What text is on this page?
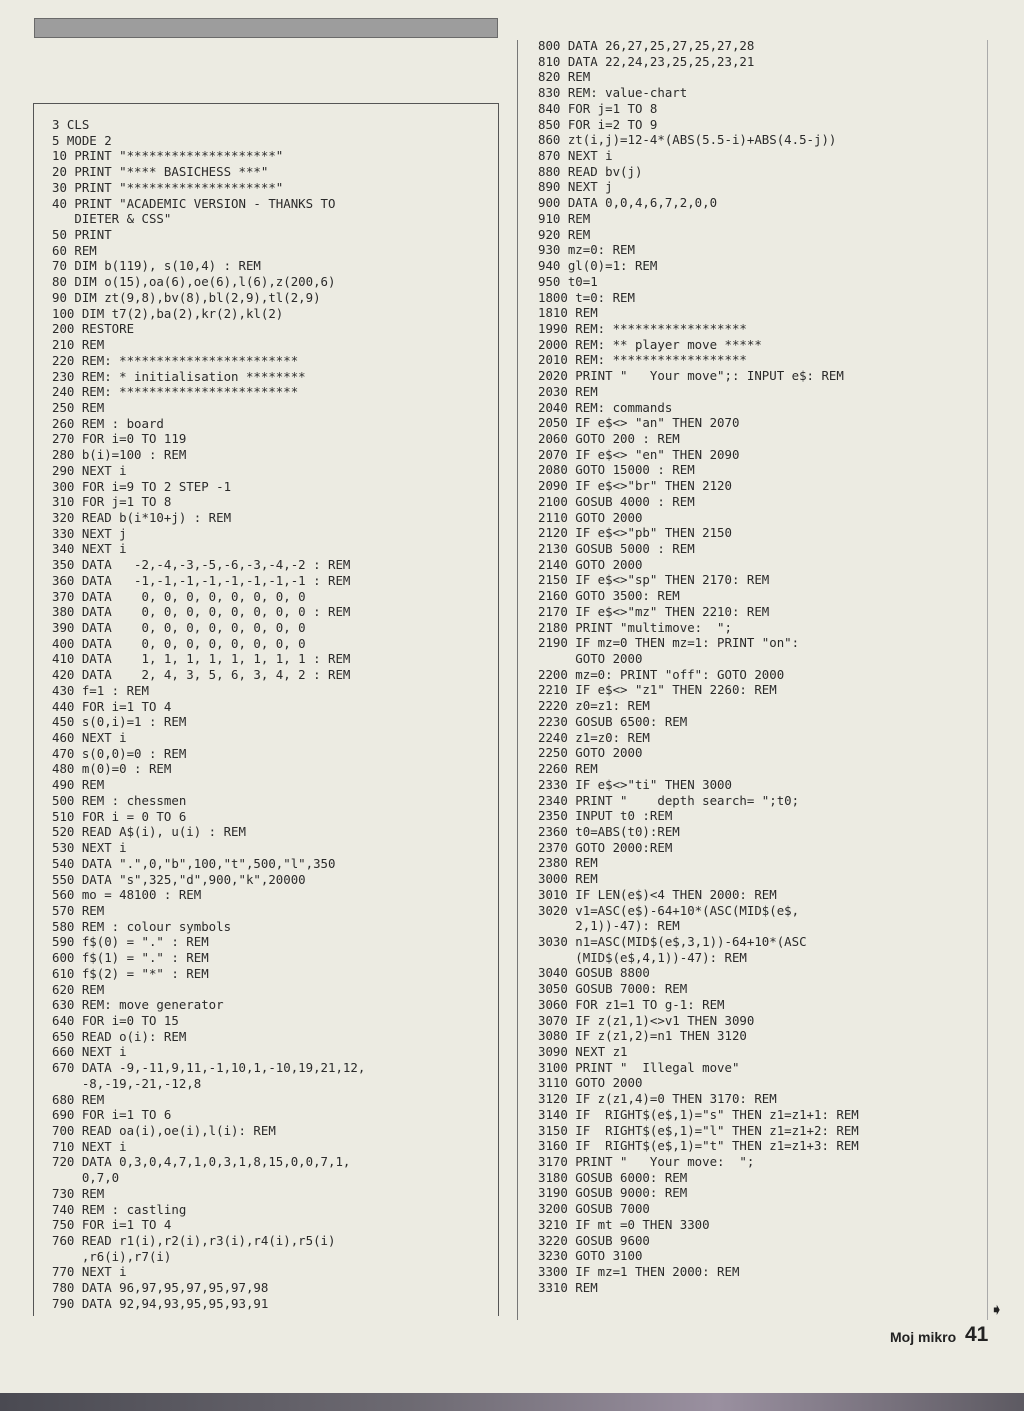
3 CLS
5 MODE 2
10 PRINT "********************"
20 PRINT "**** BASICHESS ***"
30 PRINT "********************"
40 PRINT "ACADEMIC VERSION - THANKS TO
DIETER & CSS"
50 PRINT
60 REM
70 DIM b(119), s(10,4) : REM
80 DIM o(15),oa(6),oe(6),l(6),z(200,6)
90 DIM zt(9,8),bv(8),bl(2,9),tl(2,9)
100 DIM t7(2),ba(2),kr(2),kl(2)
200 RESTORE
210 REM
220 REM: ************************
230 REM: * initialisation ********
240 REM: ************************
250 REM
260 REM : board
270 FOR i=0 TO 119
280 b(i)=100 : REM
290 NEXT i
300 FOR i=9 TO 2 STEP -1
310 FOR j=1 TO 8
320 READ b(i*10+j) : REM
330 NEXT j
340 NEXT i
350 DATA   -2,-4,-3,-5,-6,-3,-4,-2 : REM
360 DATA   -1,-1,-1,-1,-1,-1,-1,-1 : REM
370 DATA    0, 0, 0, 0, 0, 0, 0, 0
380 DATA    0, 0, 0, 0, 0, 0, 0, 0 : REM
390 DATA    0, 0, 0, 0, 0, 0, 0, 0
400 DATA    0, 0, 0, 0, 0, 0, 0, 0
410 DATA    1, 1, 1, 1, 1, 1, 1, 1 : REM
420 DATA    2, 4, 3, 5, 6, 3, 4, 2 : REM
430 f=1 : REM
440 FOR i=1 TO 4
450 s(0,i)=1 : REM
460 NEXT i
470 s(0,0)=0 : REM
480 m(0)=0 : REM
490 REM
500 REM : chessmen
510 FOR i = 0 TO 6
520 READ A$(i), u(i) : REM
530 NEXT i
540 DATA ".",0,"b",100,"t",500,"l",350
550 DATA "s",325,"d",900,"k",20000
560 mo = 48100 : REM
570 REM
580 REM : colour symbols
590 f$(0) = "." : REM
600 f$(1) = "." : REM
610 f$(2) = "*" : REM
620 REM
630 REM: move generator
640 FOR i=0 TO 15
650 READ o(i): REM
660 NEXT i
670 DATA -9,-11,9,11,-1,10,1,-10,19,21,12,
-8,-19,-21,-12,8
680 REM
690 FOR i=1 TO 6
700 READ oa(i),oe(i),l(i): REM
710 NEXT i
720 DATA 0,3,0,4,7,1,0,3,1,8,15,0,0,7,1,
0,7,0
730 REM
740 REM : castling
750 FOR i=1 TO 4
760 READ r1(i),r2(i),r3(i),r4(i),r5(i)
,r6(i),r7(i)
770 NEXT i
780 DATA 96,97,95,97,95,97,98
790 DATA 92,94,93,95,95,93,91
800 DATA 26,27,25,27,25,27,28
810 DATA 22,24,23,25,25,23,21
820 REM
830 REM: value-chart
840 FOR j=1 TO 8
850 FOR i=2 TO 9
860 zt(i,j)=12-4*(ABS(5.5-i)+ABS(4.5-j))
870 NEXT i
880 READ bv(j)
890 NEXT j
900 DATA 0,0,4,6,7,2,0,0
910 REM
920 REM
930 mz=0: REM
940 gl(0)=1: REM
950 t0=1
1800 t=0: REM
1810 REM
1990 REM: ******************
2000 REM: ** player move *****
2010 REM: ******************
2020 PRINT "   Your move";: INPUT e$: REM
2030 REM
2040 REM: commands
2050 IF e$<> "an" THEN 2070
2060 GOTO 200 : REM
2070 IF e$<> "en" THEN 2090
2080 GOTO 15000 : REM
2090 IF e$<>"br" THEN 2120
2100 GOSUB 4000 : REM
2110 GOTO 2000
2120 IF e$<>"pb" THEN 2150
2130 GOSUB 5000 : REM
2140 GOTO 2000
2150 IF e$<>"sp" THEN 2170: REM
2160 GOTO 3500: REM
2170 IF e$<>"mz" THEN 2210: REM
2180 PRINT "multimove:  ";
2190 IF mz=0 THEN mz=1: PRINT "on":
GOTO 2000
2200 mz=0: PRINT "off": GOTO 2000
2210 IF e$<> "z1" THEN 2260: REM
2220 z0=z1: REM
2230 GOSUB 6500: REM
2240 z1=z0: REM
2250 GOTO 2000
2260 REM
2330 IF e$<>"ti" THEN 3000
2340 PRINT "    depth search= ";t0;
2350 INPUT t0 :REM
2360 t0=ABS(t0):REM
2370 GOTO 2000:REM
2380 REM
3000 REM
3010 IF LEN(e$)<4 THEN 2000: REM
3020 v1=ASC(e$)-64+10*(ASC(MID$(e$,
2,1))-47): REM
3030 n1=ASC(MID$(e$,3,1))-64+10*(ASC
(MID$(e$,4,1))-47): REM
3040 GOSUB 8800
3050 GOSUB 7000: REM
3060 FOR z1=1 TO g-1: REM
3070 IF z(z1,1)<>v1 THEN 3090
3080 IF z(z1,2)=n1 THEN 3120
3090 NEXT z1
3100 PRINT "  Illegal move"
3110 GOTO 2000
3120 IF z(z1,4)=0 THEN 3170: REM
3140 IF  RIGHT$(e$,1)="s" THEN z1=z1+1: REM
3150 IF  RIGHT$(e$,1)="l" THEN z1=z1+2: REM
3160 IF  RIGHT$(e$,1)="t" THEN z1=z1+3: REM
3170 PRINT "   Your move:  ";
3180 GOSUB 6000: REM
3190 GOSUB 9000: REM
3200 GOSUB 7000
3210 IF mt =0 THEN 3300
3220 GOSUB 9600
3230 GOTO 3100
3300 IF mz=1 THEN 2000: REM
3310 REM
➧
Moj mikro 41
